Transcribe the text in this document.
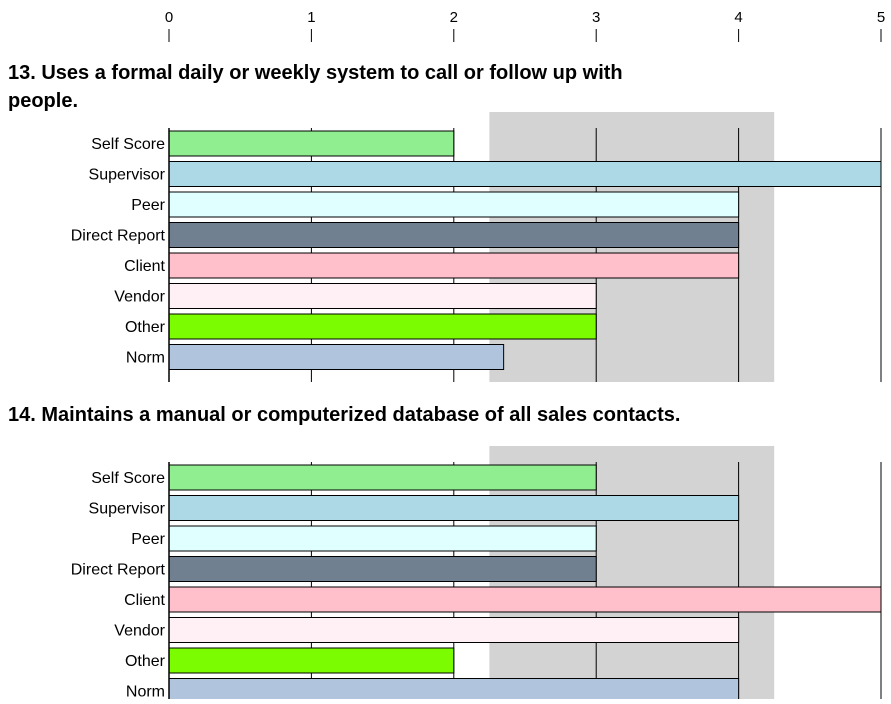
0	1	2	3	4	5
13. Uses a formal daily or weekly system to call or follow up with people.
Self Score
Supervisor
Peer
Direct Report
Client
Vendor
Other
Norm
14. Maintains a manual or computerized database of all sales contacts.
Self Score
Supervisor
Peer
Direct Report
Client
Vendor
Other
Norm
